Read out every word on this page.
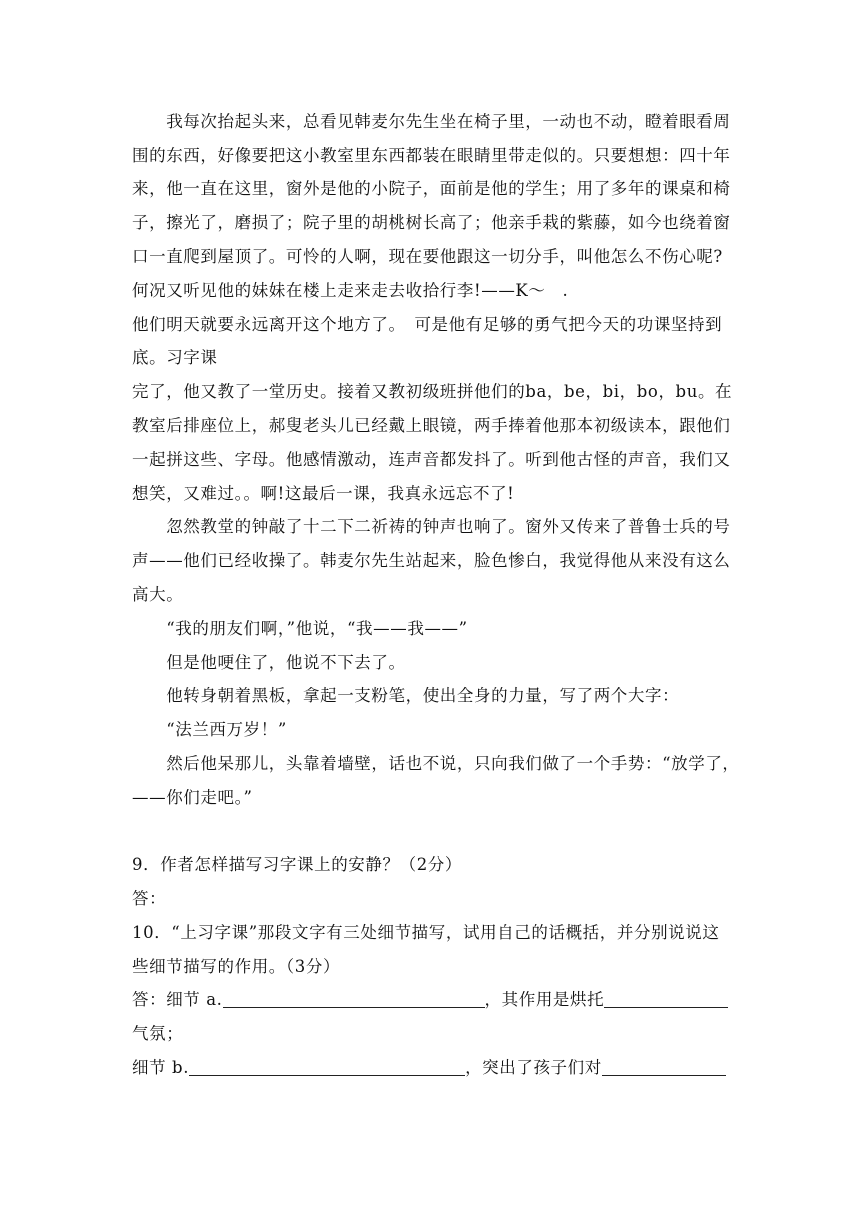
　　我每次抬起头来，总看见韩麦尔先生坐在椅子里，一动也不动，瞪着眼看周
围的东西，好像要把这小教室里东西都装在眼睛里带走似的。只要想想：四十年
来，他一直在这里，窗外是他的小院子，面前是他的学生；用了多年的课桌和椅
子，擦光了，磨损了；院子里的胡桃树长高了；他亲手栽的紫藤，如今也绕着窗
口一直爬到屋顶了。可怜的人啊，现在要他跟这一切分手，叫他怎么不伤心呢?
何况又听见他的妹妹在楼上走来走去收拾行李!——K～　.
他们明天就要永远离开这个地方了。　可是他有足够的勇气把今天的功课坚持到
底。习字课
完了，他又教了一堂历史。接着又教初级班拼他们的ba，be，bi，bo，bu。在
教室后排座位上，郝叟老头儿已经戴上眼镜，两手捧着他那本初级读本，跟他们
一起拼这些、字母。他感情激动，连声音都发抖了。听到他古怪的声音，我们又
想笑，又难过。。啊!这最后一课，我真永远忘不了!
　　忽然教堂的钟敲了十二下二祈祷的钟声也响了。窗外又传来了普鲁士兵的号
声——他们已经收操了。韩麦尔先生站起来，脸色惨白，我觉得他从来没有这么
高大。
　　“我的朋友们啊，”他说，“我——我——”
　　但是他哽住了，他说不下去了。
　　他转身朝着黑板，拿起一支粉笔，使出全身的力量，写了两个大字：
　　“法兰西万岁！”
　　然后他呆那儿，头靠着墙壁，话也不说，只向我们做了一个手势：“放学了，
——你们走吧。”
9．作者怎样描写习字课上的安静？（2分）
答：
10．“上习字课”那段文字有三处细节描写，试用自己的话概括，并分别说说这
些细节描写的作用。（3分）
答：细节 a.	，其作用是烘托
气氛；
细节 b.	，突出了孩子们对
